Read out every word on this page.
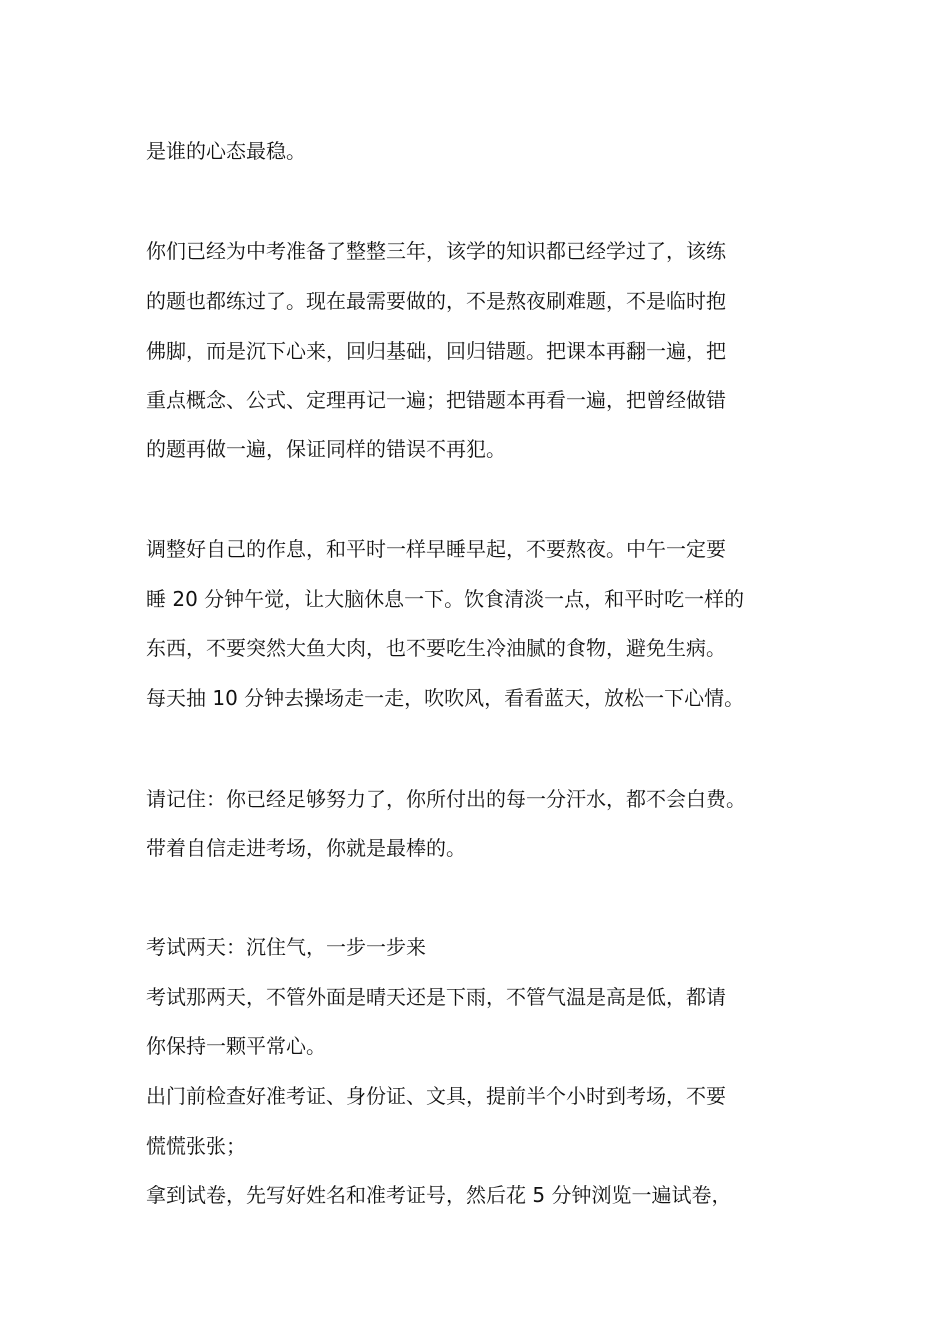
是谁的心态最稳。
你们已经为中考准备了整整三年，该学的知识都已经学过了，该练
的题也都练过了。现在最需要做的，不是熬夜刷难题，不是临时抱
佛脚，而是沉下心来，回归基础，回归错题。把课本再翻一遍，把
重点概念、公式、定理再记一遍；把错题本再看一遍，把曾经做错
的题再做一遍，保证同样的错误不再犯。
调整好自己的作息，和平时一样早睡早起，不要熬夜。中午一定要
睡 20 分钟午觉，让大脑休息一下。饮食清淡一点，和平时吃一样的
东西，不要突然大鱼大肉，也不要吃生冷油腻的食物，避免生病。
每天抽 10 分钟去操场走一走，吹吹风，看看蓝天，放松一下心情。
请记住：你已经足够努力了，你所付出的每一分汗水，都不会白费。
带着自信走进考场，你就是最棒的。
考试两天：沉住气，一步一步来
考试那两天，不管外面是晴天还是下雨，不管气温是高是低，都请
你保持一颗平常心。
出门前检查好准考证、身份证、文具，提前半个小时到考场，不要
慌慌张张；
拿到试卷，先写好姓名和准考证号，然后花 5 分钟浏览一遍试卷，
